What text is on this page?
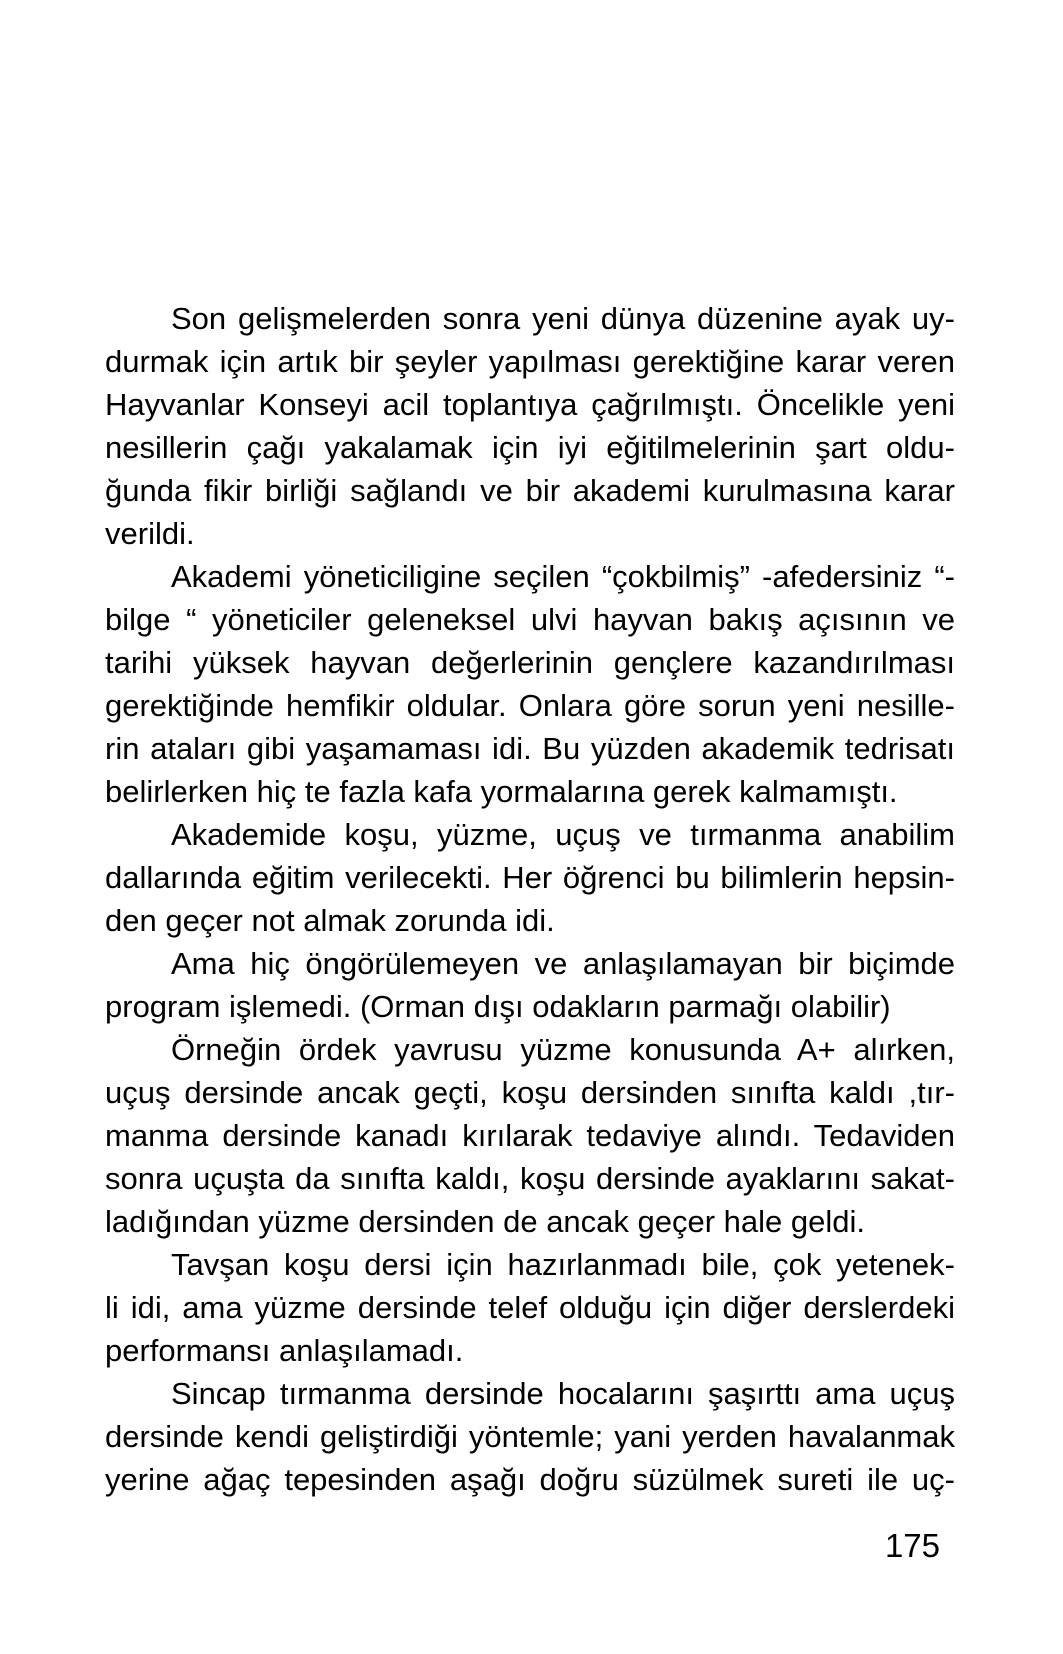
Son gelişmelerden sonra yeni dünya düzenine ayak uy-
durmak için artık bir şeyler yapılması gerektiğine karar veren
Hayvanlar Konseyi acil toplantıya çağrılmıştı. Öncelikle yeni
nesillerin çağı yakalamak için iyi eğitilmelerinin şart oldu-
ğunda fikir birliği sağlandı ve bir akademi kurulmasına karar
verildi.
Akademi yöneticiligine seçilen “çokbilmiş” -afedersiniz “-
bilge “ yöneticiler geleneksel ulvi hayvan bakış açısının ve
tarihi yüksek hayvan değerlerinin gençlere kazandırılması
gerektiğinde hemfikir oldular. Onlara göre sorun yeni nesille-
rin ataları gibi yaşamaması idi. Bu yüzden akademik tedrisatı
belirlerken hiç te fazla kafa yormalarına gerek kalmamıştı.
Akademide koşu, yüzme, uçuş ve tırmanma anabilim
dallarında eğitim verilecekti. Her öğrenci bu bilimlerin hepsin-
den geçer not almak zorunda idi.
Ama hiç öngörülemeyen ve anlaşılamayan bir biçimde
program işlemedi. (Orman dışı odakların parmağı olabilir)
Örneğin ördek yavrusu yüzme konusunda A+ alırken,
uçuş dersinde ancak geçti, koşu dersinden sınıfta kaldı ,tır-
manma dersinde kanadı kırılarak tedaviye alındı. Tedaviden
sonra uçuşta da sınıfta kaldı, koşu dersinde ayaklarını sakat-
ladığından yüzme dersinden de ancak geçer hale geldi.
Tavşan koşu dersi için hazırlanmadı bile, çok yetenek-
li idi, ama yüzme dersinde telef olduğu için diğer derslerdeki
performansı anlaşılamadı.
Sincap tırmanma dersinde hocalarını şaşırttı ama uçuş
dersinde kendi geliştirdiği yöntemle; yani yerden havalanmak
yerine ağaç tepesinden aşağı doğru süzülmek sureti ile uç-
175
